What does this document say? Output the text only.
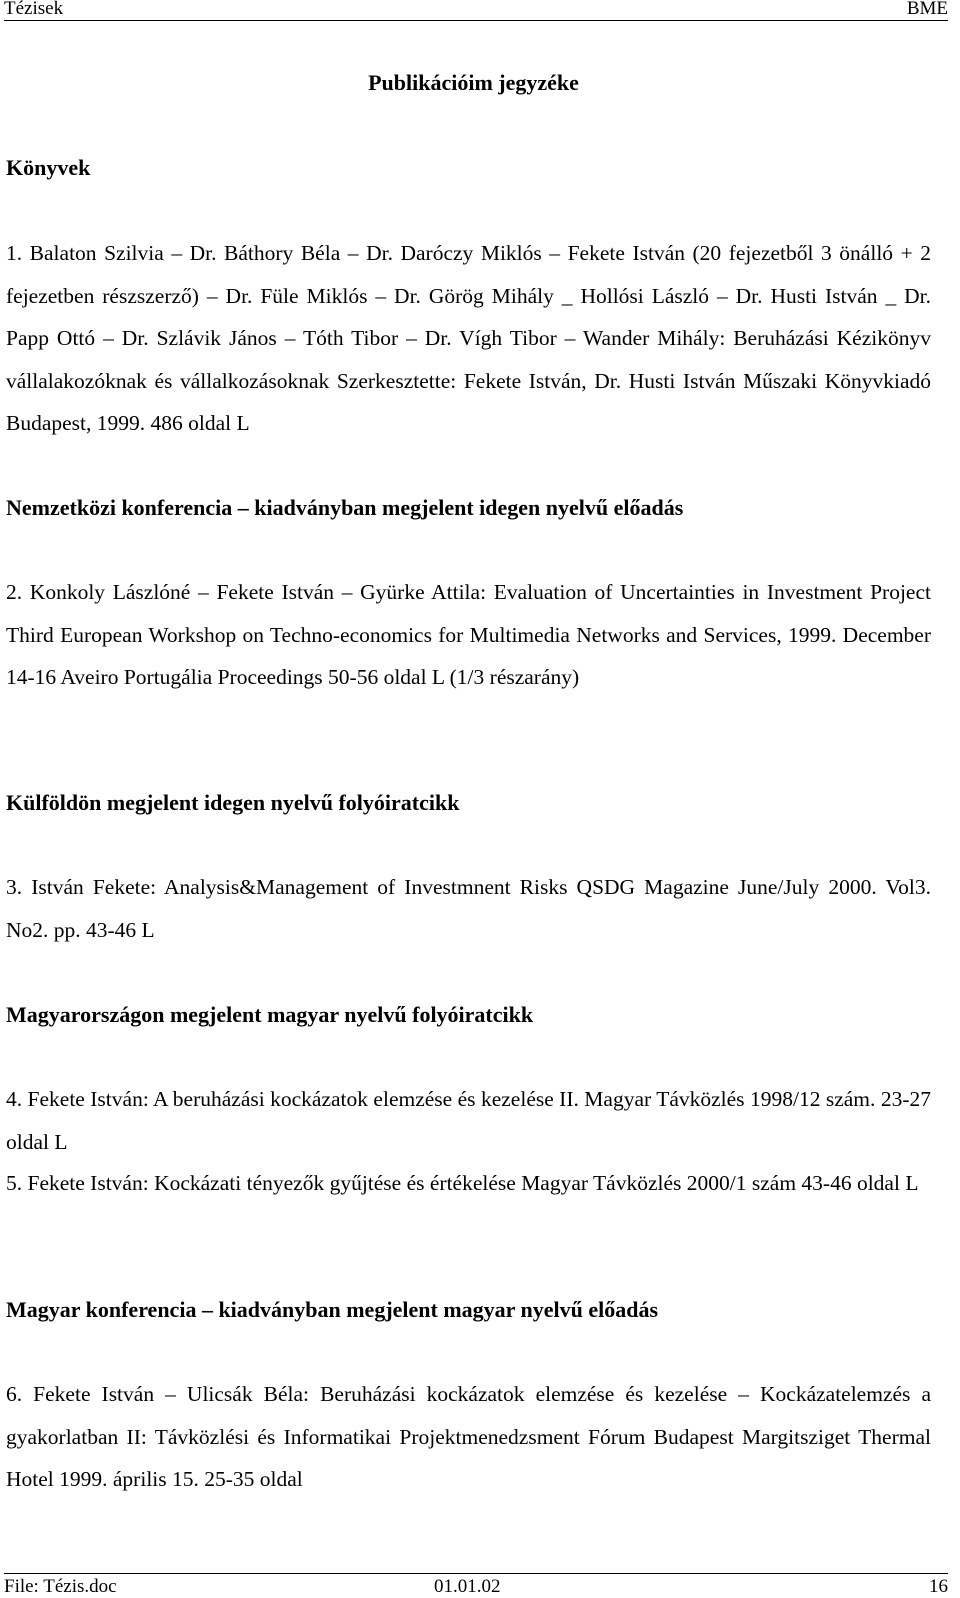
Tézisek	BME
Publikációim jegyzéke
Könyvek
1. Balaton Szilvia – Dr. Báthory Béla – Dr. Daróczy Miklós – Fekete István (20 fejezetből 3 önálló + 2 fejezetben részszerző) – Dr. Füle Miklós – Dr. Görög Mihály _ Hollósi László – Dr. Husti István _ Dr. Papp Ottó – Dr. Szlávik János – Tóth Tibor – Dr. Vígh Tibor – Wander Mihály: Beruházási Kézikönyv vállalakozóknak és vállalkozásoknak Szerkesztette: Fekete István, Dr. Husti István Műszaki Könyvkiadó Budapest, 1999. 486 oldal L
Nemzetközi konferencia – kiadványban megjelent idegen nyelvű előadás
2. Konkoly Lászlóné – Fekete István – Gyürke Attila: Evaluation of Uncertainties in Investment Project Third European Workshop on Techno-economics for Multimedia Networks and Services, 1999. December 14-16 Aveiro Portugália Proceedings 50-56 oldal L (1/3 részarány)
Külföldön megjelent idegen nyelvű folyóiratcikk
3. István Fekete: Analysis&Management of Investmnent Risks QSDG Magazine June/July 2000. Vol3. No2. pp. 43-46 L
Magyarországon megjelent magyar nyelvű folyóiratcikk
4. Fekete István: A beruházási kockázatok elemzése és kezelése II. Magyar Távközlés 1998/12 szám. 23-27 oldal L
5. Fekete István: Kockázati tényezők gyűjtése és értékelése Magyar Távközlés 2000/1 szám 43-46 oldal L
Magyar konferencia – kiadványban megjelent magyar nyelvű előadás
6. Fekete István – Ulicsák Béla: Beruházási kockázatok elemzése és kezelése – Kockázatelemzés a gyakorlatban II: Távközlési és Informatikai Projektmenedzsment Fórum Budapest Margitsziget Thermal Hotel 1999. április 15. 25-35 oldal
File: Tézis.doc	01.01.02	16
